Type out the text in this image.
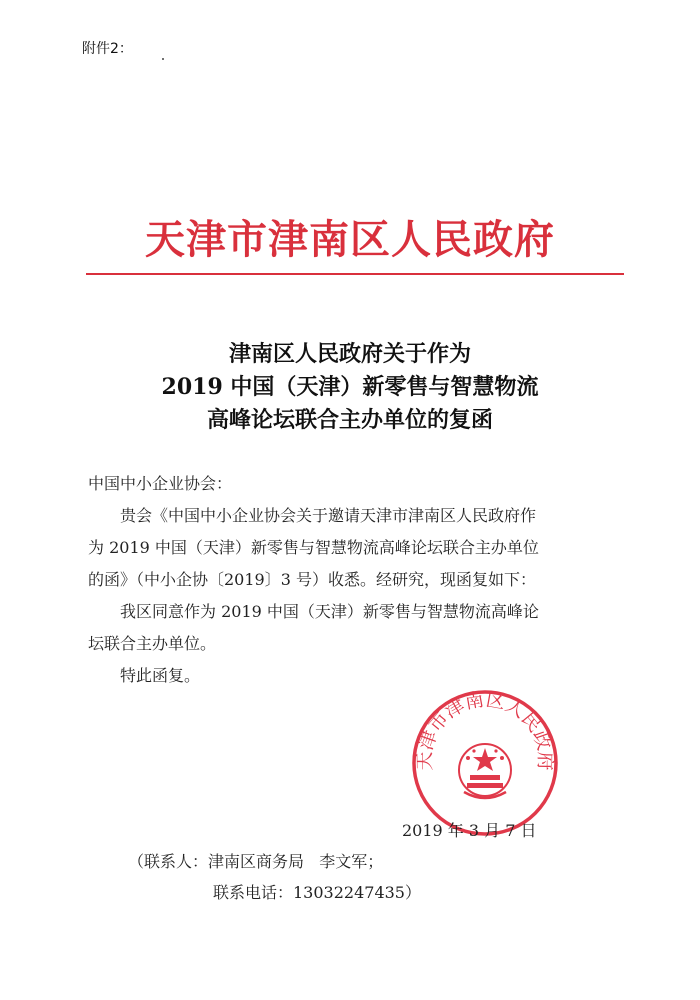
附件2：
天津市津南区人民政府
津南区人民政府关于作为
2019 中国（天津）新零售与智慧物流
高峰论坛联合主办单位的复函
中国中小企业协会：
贵会《中国中小企业协会关于邀请天津市津南区人民政府作
为 2019 中国（天津）新零售与智慧物流高峰论坛联合主办单位
的函》（中小企协〔2019〕3 号）收悉。经研究，现函复如下：
我区同意作为 2019 中国（天津）新零售与智慧物流高峰论
坛联合主办单位。
特此函复。
天津市津南区人民政府
2019 年 3 月 7 日
（联系人：津南区商务局   李文军；
联系电话：13032247435）
